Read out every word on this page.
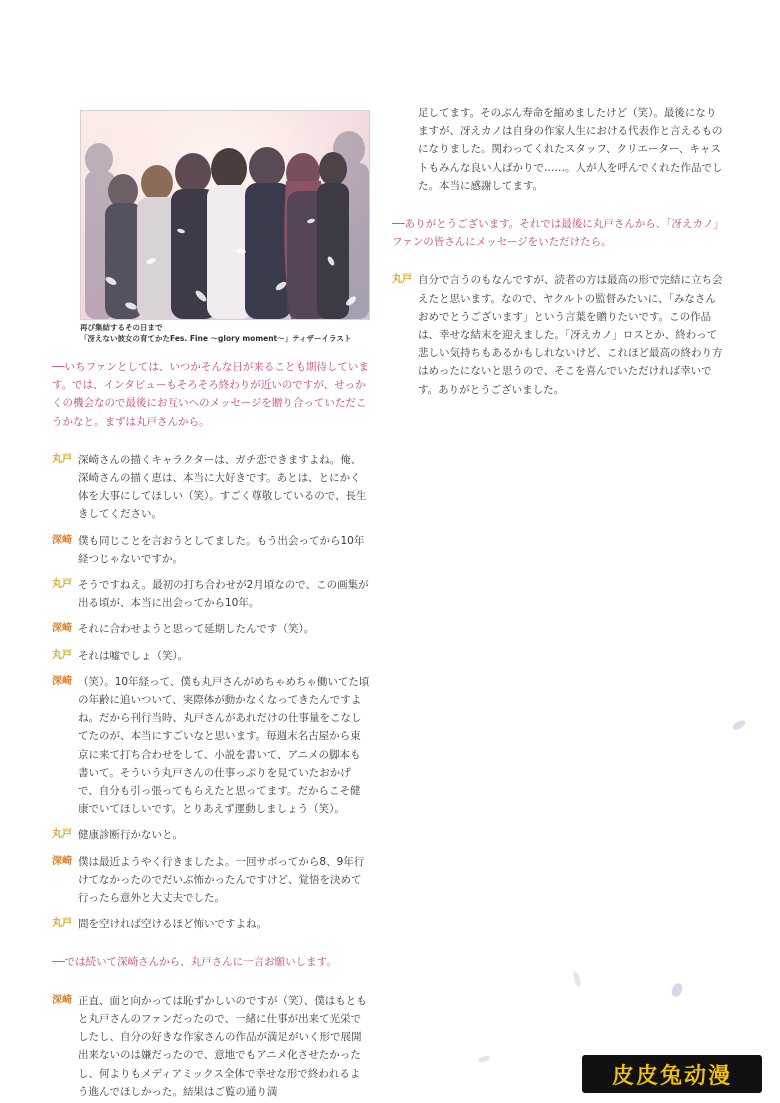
再び集結するその日まで
「冴えない彼女の育てかたFes. Fine ～glory moment～」ティザーイラスト

──いちファンとしては、いつかそんな日が来ることも期待しています。では、インタビューもそろそろ終わりが近いのですが、せっかくの機会なので最後にお互いへのメッセージを贈り合っていただこうかなと。まずは丸戸さんから。

丸戸 深崎さんの描くキャラクターは、ガチ恋できますよね。俺、深崎さんの描く恵は、本当に大好きです。あとは、とにかく体を大事にしてほしい（笑）。すごく尊敬しているので、長生きしてください。
深崎 僕も同じことを言おうとしてました。もう出会ってから10年経つじゃないですか。
丸戸 そうですねえ。最初の打ち合わせが2月頃なので、この画集が出る頃が、本当に出会ってから10年。
深崎 それに合わせようと思って延期したんです（笑）。
丸戸 それは嘘でしょ（笑）。
深崎 （笑）。10年経って、僕も丸戸さんがめちゃめちゃ働いてた頃の年齢に追いついて、実際体が動かなくなってきたんですよね。だから刊行当時、丸戸さんがあれだけの仕事量をこなしてたのが、本当にすごいなと思います。毎週末名古屋から東京に来て打ち合わせをして、小説を書いて、アニメの脚本も書いて。そういう丸戸さんの仕事っぷりを見ていたおかげで、自分も引っ張ってもらえたと思ってます。だからこそ健康でいてほしいです。とりあえず運動しましょう（笑）。
丸戸 健康診断行かないと。
深崎 僕は最近ようやく行きましたよ。一回サボってから8、9年行けてなかったのでだいぶ怖かったんですけど、覚悟を決めて行ったら意外と大丈夫でした。
丸戸 間を空ければ空けるほど怖いですよね。

──では続いて深崎さんから、丸戸さんに一言お願いします。

深崎 正直、面と向かっては恥ずかしいのですが（笑）、僕はもともと丸戸さんのファンだったので、一緒に仕事が出来て光栄でしたし、自分の好きな作家さんの作品が満足がいく形で展開出来ないのは嫌だったので、意地でもアニメ化させたかったし、何よりもメディアミックス全体で幸せな形で終われるよう進んでほしかった。結果はご覧の通り満
足してます。そのぶん寿命を縮めましたけど（笑）。最後になりますが、冴えカノは自身の作家人生における代表作と言えるものになりました。関わってくれたスタッフ、クリエーター、キャストもみんな良い人ばかりで……。人が人を呼んでくれた作品でした。本当に感謝してます。

──ありがとうございます。それでは最後に丸戸さんから、「冴えカノ」ファンの皆さんにメッセージをいただけたら。

丸戸 自分で言うのもなんですが、読者の方は最高の形で完結に立ち会えたと思います。なので、ヤクルトの監督みたいに、「みなさんおめでとうございます」という言葉を贈りたいです。この作品は、幸せな結末を迎えました。「冴えカノ」ロスとか、終わって悲しい気持ちもあるかもしれないけど、これほど最高の終わり方はめったにないと思うので、そこを喜んでいただければ幸いです。ありがとうございました。
皮皮兔动漫
